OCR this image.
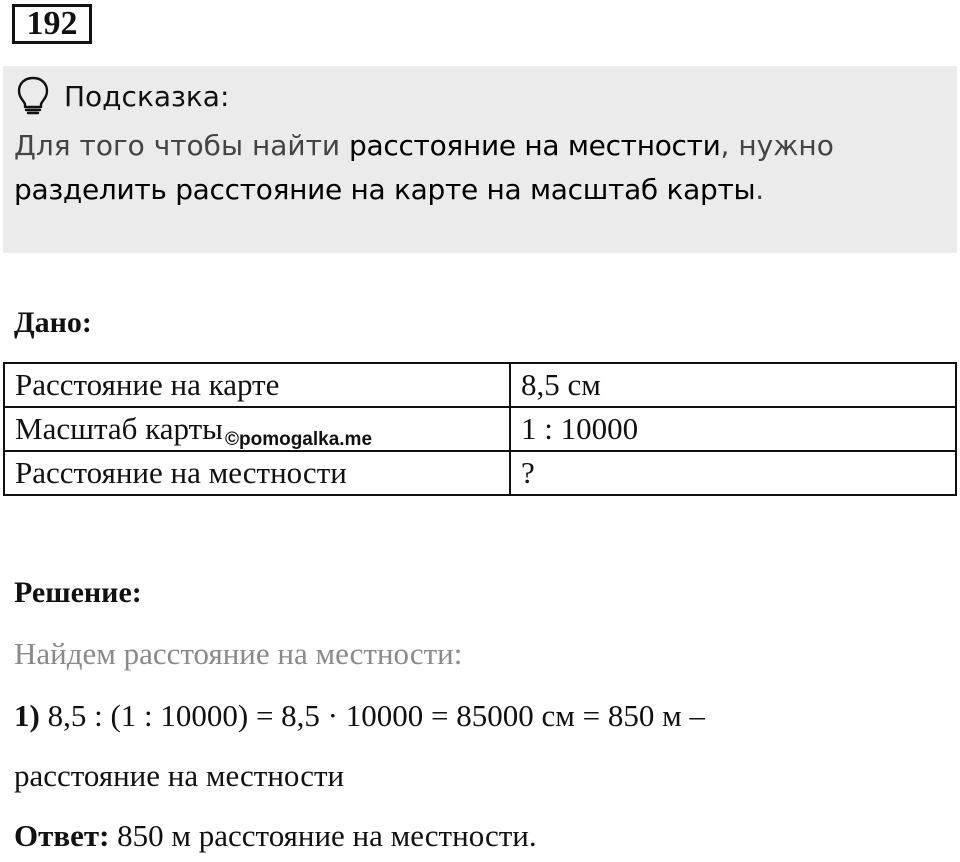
192
Подсказка:
Для того чтобы найти расстояние на местности, нужно
разделить расстояние на карте на масштаб карты.
Дано:
Расстояние на карте	8,5 см
Масштаб карты ©pomogalka.me	1 : 10000
Расстояние на местности	?
Решение:
Найдем расстояние на местности:
1) 8,5 : (1 : 10000) = 8,5 · 10000 = 85000 см = 850 м –
расстояние на местности
Ответ: 850 м расстояние на местности.
